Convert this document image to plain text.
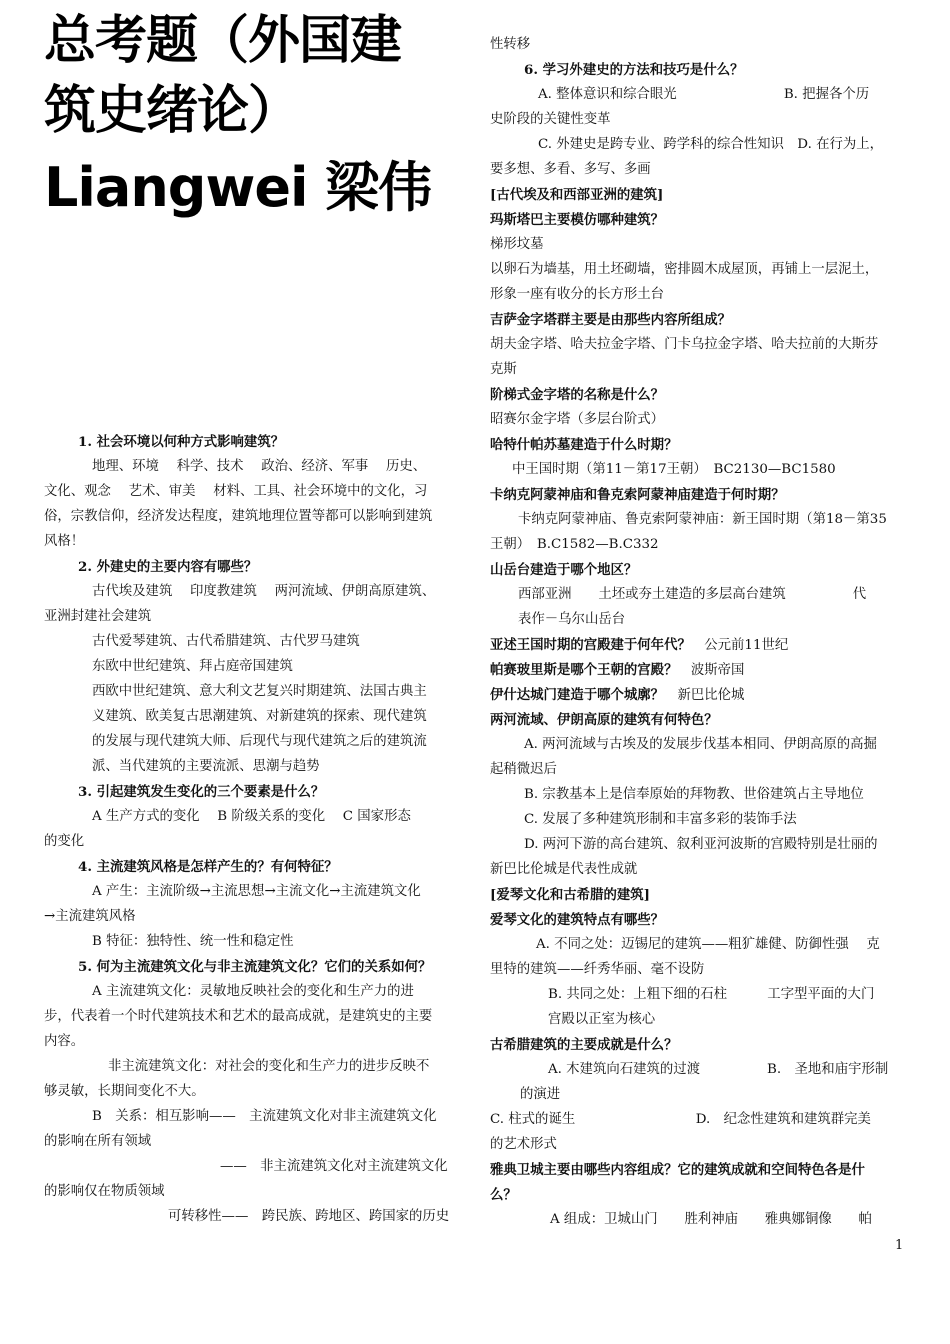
总考题（外国建
筑史绪论）
Liangwei 梁伟
1. 社会环境以何种方式影响建筑？
地理、环境　 科学、技术　 政治、经济、军事　 历史、
文化、观念　 艺术、审美　 材料、工具、社会环境中的文化，习
俗，宗教信仰，经济发达程度，建筑地理位置等都可以影响到建筑
风格！
2. 外建史的主要内容有哪些？
古代埃及建筑　 印度教建筑　 两河流域、伊朗高原建筑、
亚洲封建社会建筑
古代爱琴建筑、古代希腊建筑、古代罗马建筑
东欧中世纪建筑、拜占庭帝国建筑
西欧中世纪建筑、意大利文艺复兴时期建筑、法国古典主
义建筑、欧美复古思潮建筑、对新建筑的探索、现代建筑
的发展与现代建筑大师、后现代与现代建筑之后的建筑流
派、当代建筑的主要流派、思潮与趋势
3. 引起建筑发生变化的三个要素是什么？
A 生产方式的变化　 B 阶级关系的变化　 C 国家形态
的变化
4. 主流建筑风格是怎样产生的？有何特征？
A 产生：主流阶级→主流思想→主流文化→主流建筑文化
→主流建筑风格
B 特征：独特性、统一性和稳定性
5. 何为主流建筑文化与非主流建筑文化？它们的关系如何？
A 主流建筑文化：灵敏地反映社会的变化和生产力的进
步，代表着一个时代建筑技术和艺术的最高成就，是建筑史的主要
内容。
非主流建筑文化：对社会的变化和生产力的进步反映不
够灵敏，长期间变化不大。
B　关系：相互影响——　主流建筑文化对非主流建筑文化
的影响在所有领域
——　非主流建筑文化对主流建筑文化
的影响仅在物质领域
可转移性——　跨民族、跨地区、跨国家的历史
性转移
6. 学习外建史的方法和技巧是什么？
A. 整体意识和综合眼光　　　　　　　　B. 把握各个历
史阶段的关键性变革
C. 外建史是跨专业、跨学科的综合性知识　D. 在行为上，
要多想、多看、多写、多画
[古代埃及和西部亚洲的建筑]
玛斯塔巴主要模仿哪种建筑？
梯形坟墓
以卵石为墙基，用土坯砌墙，密排圆木成屋顶，再铺上一层泥土，
形象一座有收分的长方形土台
吉萨金字塔群主要是由那些内容所组成？
胡夫金字塔、哈夫拉金字塔、门卡乌拉金字塔、哈夫拉前的大斯芬
克斯
阶梯式金字塔的名称是什么？
昭赛尔金字塔（多层台阶式）
哈特什帕苏墓建造于什么时期？
中王国时期（第11－第17王朝）　BC2130—BC1580
卡纳克阿蒙神庙和鲁克索阿蒙神庙建造于何时期？
卡纳克阿蒙神庙、鲁克索阿蒙神庙：新王国时期（第18－第35
王朝）　B.C1582—B.C332
山岳台建造于哪个地区？
西部亚洲　　土坯或夯土建造的多层高台建筑　　　　　代
表作－乌尔山岳台
亚述王国时期的宫殿建于何年代？　公元前11世纪
帕赛玻里斯是哪个王朝的宫殿？　波斯帝国
伊什达城门建造于哪个城廓？　新巴比伦城
两河流域、伊朗高原的建筑有何特色？
A. 两河流域与古埃及的发展步伐基本相同、伊朗高原的高掘
起稍微迟后
B. 宗教基本上是信奉原始的拜物教、世俗建筑占主导地位
C. 发展了多种建筑形制和丰富多彩的装饰手法
D. 两河下游的高台建筑、叙利亚河波斯的宫殿特别是壮丽的
新巴比伦城是代表性成就
[爱琴文化和古希腊的建筑]
爱琴文化的建筑特点有哪些？
A. 不同之处：迈锡尼的建筑——粗犷雄健、防御性强　 克
里特的建筑——纤秀华丽、毫不设防
B. 共同之处：上粗下细的石柱　　　工字型平面的大门
宫殿以正室为核心
古希腊建筑的主要成就是什么？
A. 木建筑向石建筑的过渡　　　　　B.　圣地和庙宇形制
的演进
C. 柱式的诞生　　　　　　　　　D.　纪念性建筑和建筑群完美
的艺术形式
雅典卫城主要由哪些内容组成？它的建筑成就和空间特色各是什
么？
A 组成：卫城山门　　胜利神庙　　雅典娜铜像　　帕
1
